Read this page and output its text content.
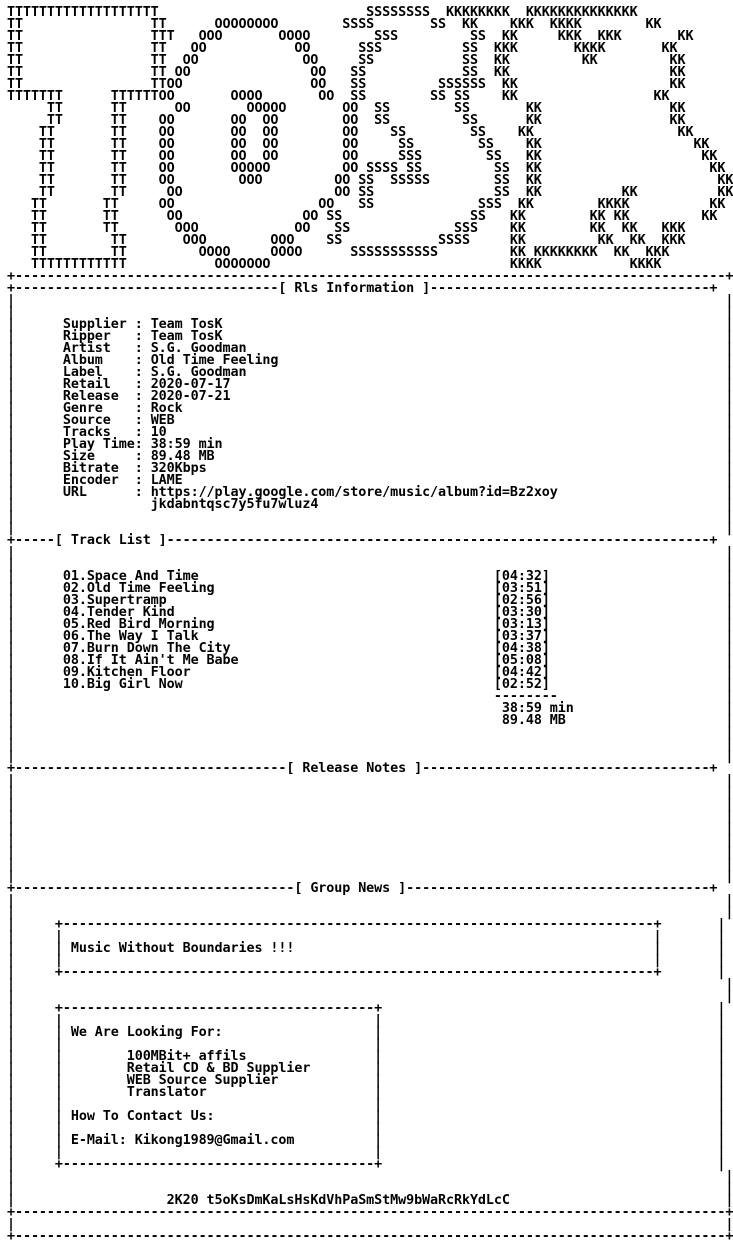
TTTTTTTTTTTTTTTTTTT                          SSSSSSSS  KKKKKKKK  KKKKKKKKKKKKKK
TT                TT      OOOOOOOO        SSSS       SS  KK    KKK  KKKK        KK
TT                TTT   OOO       OOOO        SSS         SS  KK     KKK  KKK       KK
TT                TT   OO           OO      SSS          SS  KKK       KKKK       KK
TT                TT  OO             OO     SS           SS  KK         KK         KK
TT                TT OO               OO   SS            SS  KK                    KK
TT                TTOO                OO   SS         SSSSSS  KK                   KK
TTTTTTT      TTTTTTOO       OOOO       OO  SS        SS SS    KK                 KK
TT      TT      OO       OOOOO       OO  SS        SS       KK                KK
TT      TT    OO       OO  OO        OO  SS         SS      KK                KK
TT       TT    OO       OO  OO        OO    SS        SS    KK                  KK
TT       TT    OO       OO  OO        OO     SS        SS    KK                   KK
TT       TT    OO       OO  OO        OO     SSS        SS   KK                    KK
TT       TT    OO       OOOOO         OO SSSS SS         SS  KK                     KK
TT       TT    OO        OOO         OO SS  SSSSS        SS  KK                      KK
TT       TT     OO                   OO SS               SS  KK          KK          KK
TT       TT     OO                  OO   SS             SSS  KK        KKKK          KK
TT       TT      OO               OO SS                SS   KK        KK KK         KK
TT       TT       OOO            OO   SS             SSS    KK        KK  KK   KKK
TT        TT       OOO        OOO    SS            SSSS     KK         KK  KK  KKK
TT        TT         OOOO     OOOO      SSSSSSSSSSS         KK KKKKKKKK  KK  KKK
TTTTTTTTTTTT           OOOOOOO                              KKKK           KKKK
+-----------------------------------------------------------------------------------------+
+---------------------------------[ Rls Information ]-----------------------------------+
|                                                                                         |
|                                                                                         |
|      Supplier : Team TosK	|
|      Ripper   : Team TosK	|
|      Artist   : S.G. Goodman	|
|      Album    : Old Time Feeling	|
|      Label    : S.G. Goodman	|
|      Retail   : 2020-07-17	|
|      Release  : 2020-07-21	|
|      Genre    : Rock	|
|      Source   : WEB	|
|      Tracks   : 10	|
|      Play Time: 38:59 min	|
|      Size     : 89.48 MB	|
|      Bitrate  : 320Kbps	|
|      Encoder  : LAME	|
|      URL      : https://play.google.com/store/music/album?id=Bz2xoy	|
|                 jkdabntqsc7y5fu7wluz4	|
|                                                                                         |
|                                                                                         |
+-----[ Track List ]--------------------------------------------------------------------+
|                                                                                         |
|                                                                                         |
|      01.Space And Time                                     [04:32]                      |
|      02.Old Time Feeling                                   [03:51]                      |
|      03.Supertramp                                         [02:56]                      |
|      04.Tender Kind                                        [03:30]                      |
|      05.Red Bird Morning                                   [03:13]                      |
|      06.The Way I Talk                                     [03:37]                      |
|      07.Burn Down The City                                 [04:38]                      |
|      08.If It Ain't Me Babe                                [05:08]                      |
|      09.Kitchen Floor                                      [04:42]                      |
|      10.Big Girl Now                                       [02:52]                      |
|                                                            --------                     |
|                                                             38:59 min	|
|                                                             89.48 MB	|
|                                                                                         |
|                                                                                         |
|                                                                                         |
+----------------------------------[ Release Notes ]------------------------------------+
|                                                                                         |
|                                                                                         |
|                                                                                         |
|                                                                                         |
|                                                                                         |
|                                                                                         |
|                                                                                         |
|                                                                                         |
|                                                                                         |
+-----------------------------------[ Group News ]--------------------------------------+
|                                                                                         |
|                                                                                         |
|     +--------------------------------------------------------------------------+       |
|     |                                                                          |       |
|     | Music Without Boundaries !!!	|       |
|     |                                                                          |       |
|     +--------------------------------------------------------------------------+       |
|                                                                                         |
|                                                                                         |
|     +---------------------------------------+                                          |
|     |	|                                          |
|     | We Are Looking For:	|                                          |
|     |	|                                          |
|     |	100MBit+ affils	|                                          |
|     |	Retail CD & BD Supplier	|                                          |
|     |	WEB Source Supplier	|                                          |
|     |	Translator	|                                          |
|     |	|                                          |
|     | How To Contact Us:	|                                          |
|     |	|                                          |
|     | E-Mail: Kikong1989@Gmail.com	|                                          |
|     |	|                                          |
|     +---------------------------------------+                                          |
|                                                                                         |
|                                                                                         |
|                   2K20 t5oKsDmKaLsHsKdVhPaSmStMw9bWaRcRkYdLcC	|
+-----------------------------------------------------------------------------------------+
|                                                                                         |
+-----------------------------------------------------------------------------------------+
